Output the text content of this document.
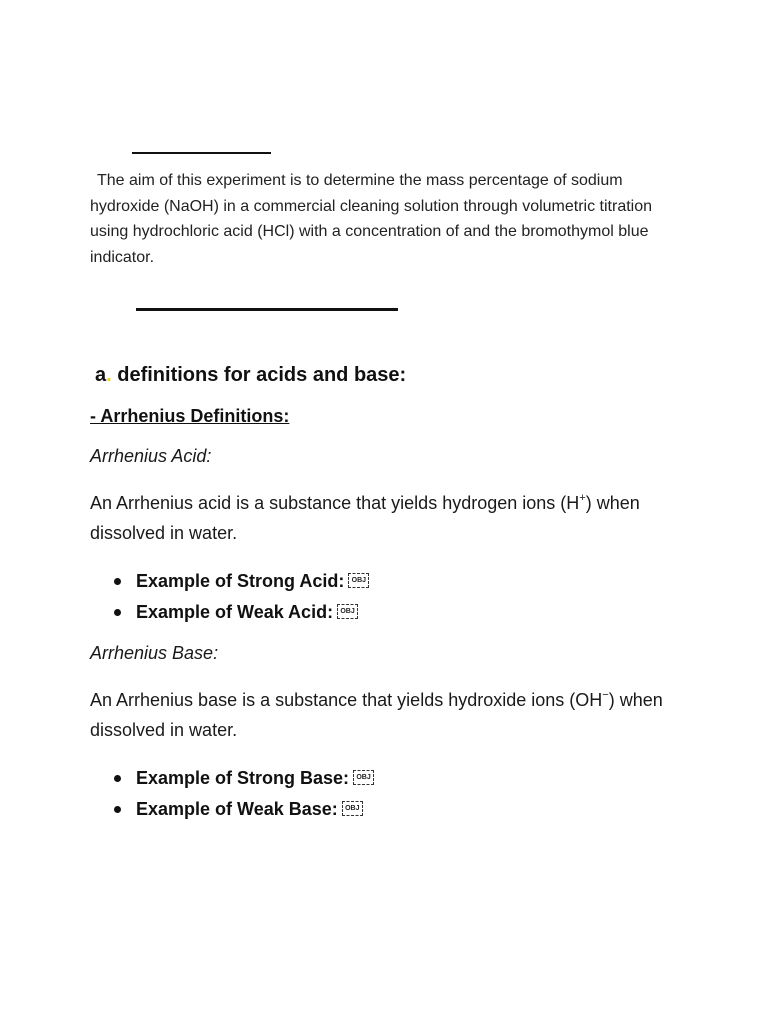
The aim of this experiment is to determine the mass percentage of sodium hydroxide (NaOH) in a commercial cleaning solution through volumetric titration using hydrochloric acid (HCl) with a concentration of and the bromothymol blue indicator.
a. definitions for acids and base:
- Arrhenius Definitions:
Arrhenius Acid:
An Arrhenius acid is a substance that yields hydrogen ions (H+) when dissolved in water.
Example of Strong Acid: OBJ
Example of Weak Acid: OBJ
Arrhenius Base:
An Arrhenius base is a substance that yields hydroxide ions (OH−) when dissolved in water.
Example of Strong Base: OBJ
Example of Weak Base: OBJ
